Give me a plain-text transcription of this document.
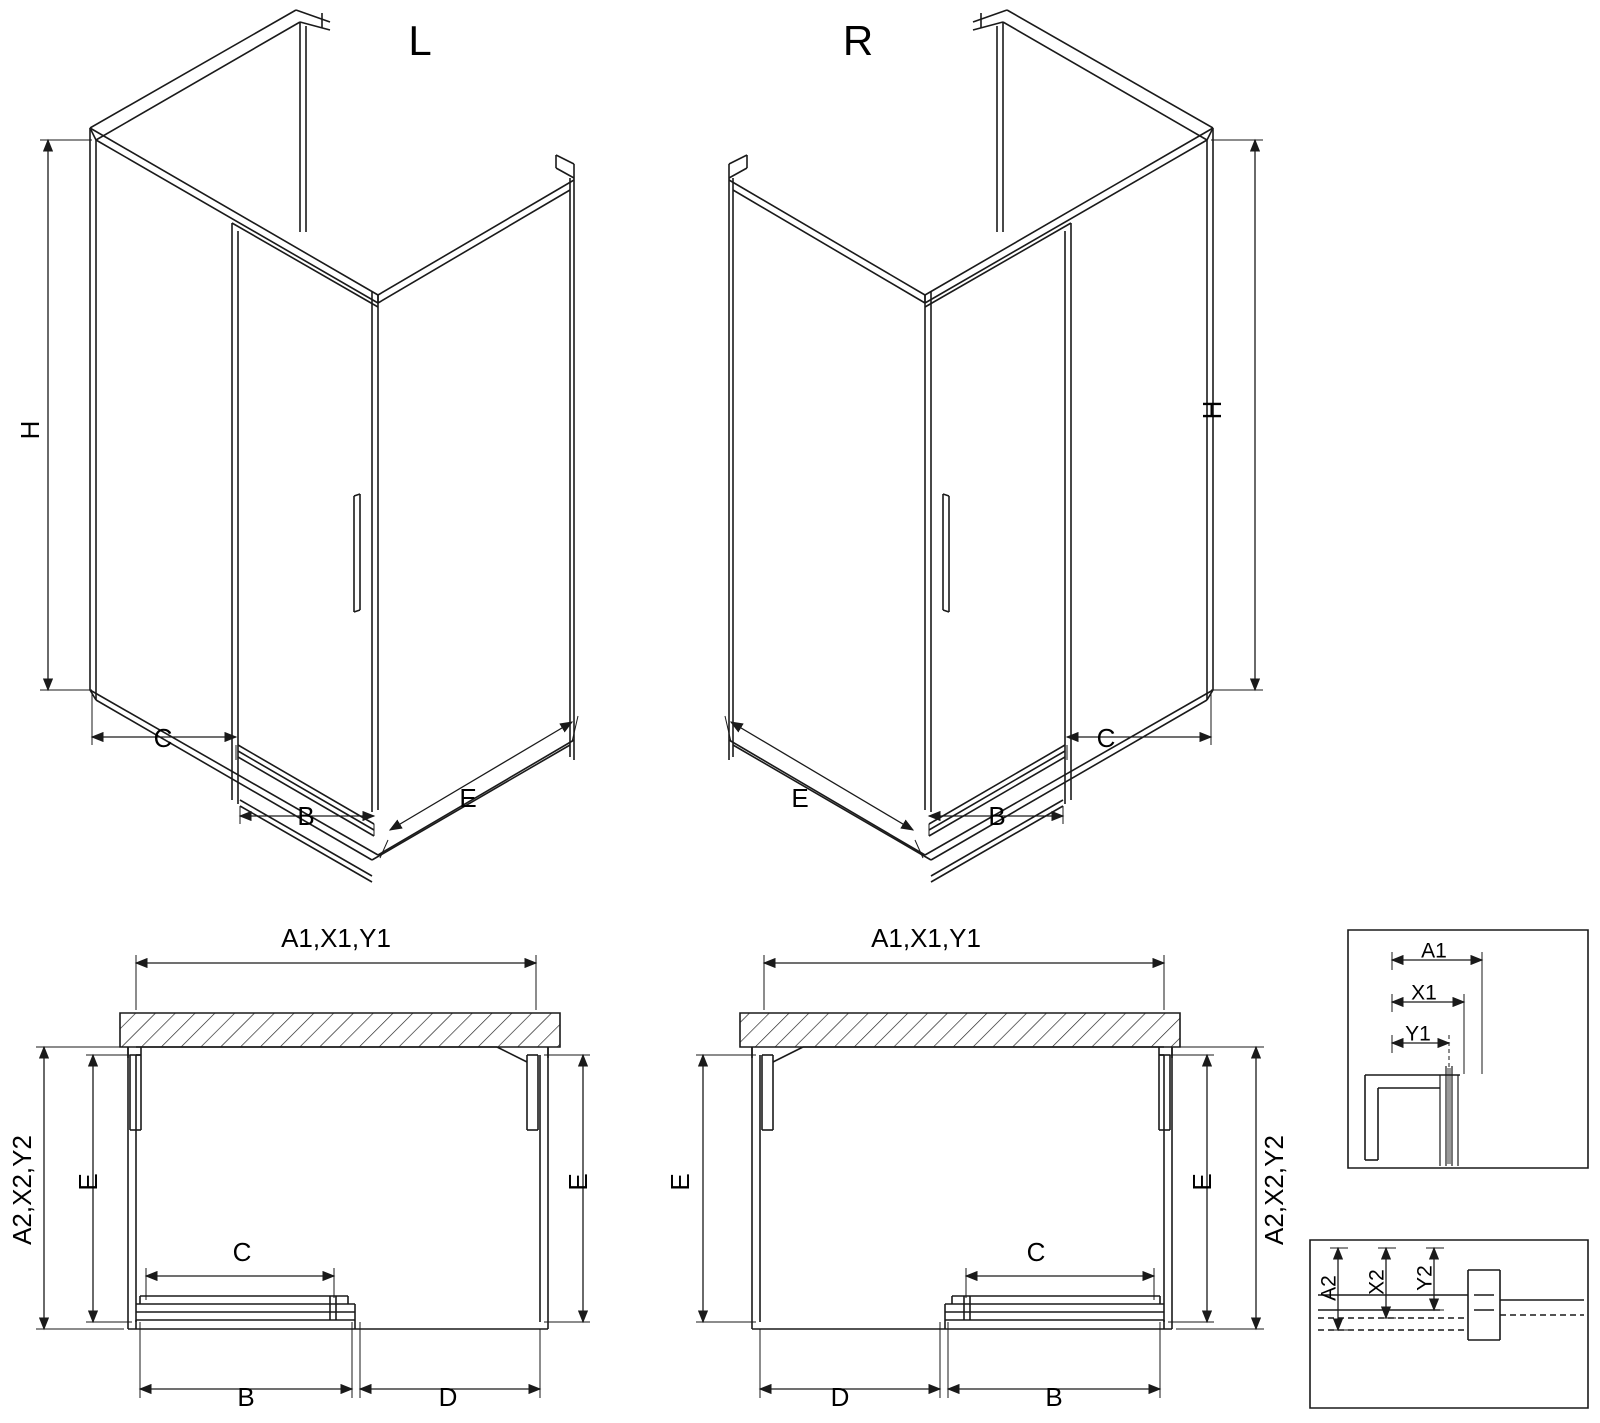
L	R
H
C
B
E
H
C
B
E
A1,X1,Y1
A2,X2,Y2 E	E
C
B	D
A1,X1,Y1
A2,X2,Y2
E	E
C
B
D
A1
X1
Y1
A2 X2 Y2
